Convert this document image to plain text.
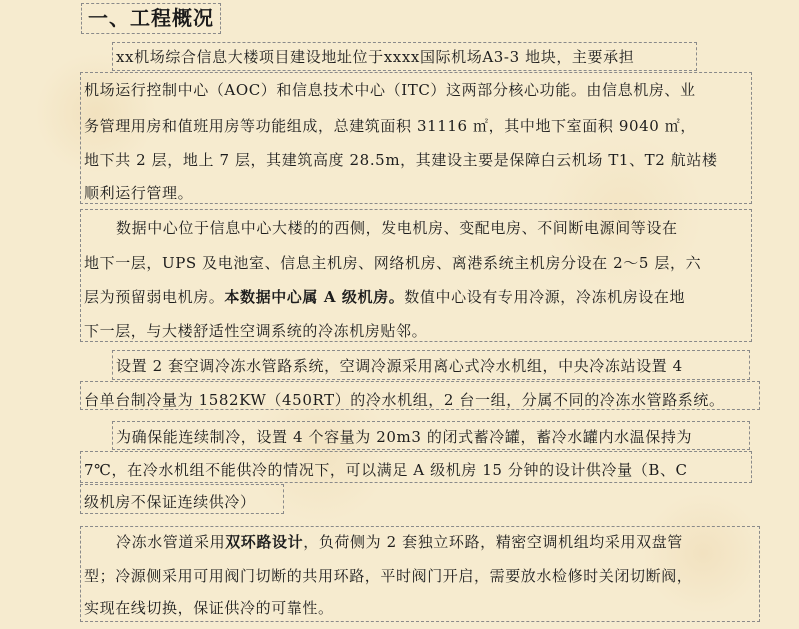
一、工程概况
xx机场综合信息大楼项目建设地址位于xxxx国际机场A3-3 地块，主要承担
机场运行控制中心（AOC）和信息技术中心（ITC）这两部分核心功能。由信息机房、业
务管理用房和值班用房等功能组成，总建筑面积 31116 ㎡，其中地下室面积 9040 ㎡，
地下共 2 层，地上 7 层，其建筑高度 28.5m，其建设主要是保障白云机场 T1、T2 航站楼
顺利运行管理。
数据中心位于信息中心大楼的的西侧，发电机房、变配电房、不间断电源间等设在
地下一层，UPS 及电池室、信息主机房、网络机房、离港系统主机房分设在 2～5 层，六
层为预留弱电机房。本数据中心属 A 级机房。数值中心设有专用冷源，冷冻机房设在地
下一层，与大楼舒适性空调系统的冷冻机房贴邻。
设置 2 套空调冷冻水管路系统，空调冷源采用离心式冷水机组，中央冷冻站设置 4
台单台制冷量为 1582KW（450RT）的冷水机组，2 台一组，分属不同的冷冻水管路系统。
为确保能连续制冷，设置 4 个容量为 20m3 的闭式蓄冷罐，蓄冷水罐内水温保持为
7℃，在冷水机组不能供冷的情况下，可以满足 A 级机房 15 分钟的设计供冷量（B、C
级机房不保证连续供冷）
冷冻水管道采用双环路设计，负荷侧为 2 套独立环路，精密空调机组均采用双盘管
型；冷源侧采用可用阀门切断的共用环路，平时阀门开启，需要放水检修时关闭切断阀，
实现在线切换，保证供冷的可靠性。
